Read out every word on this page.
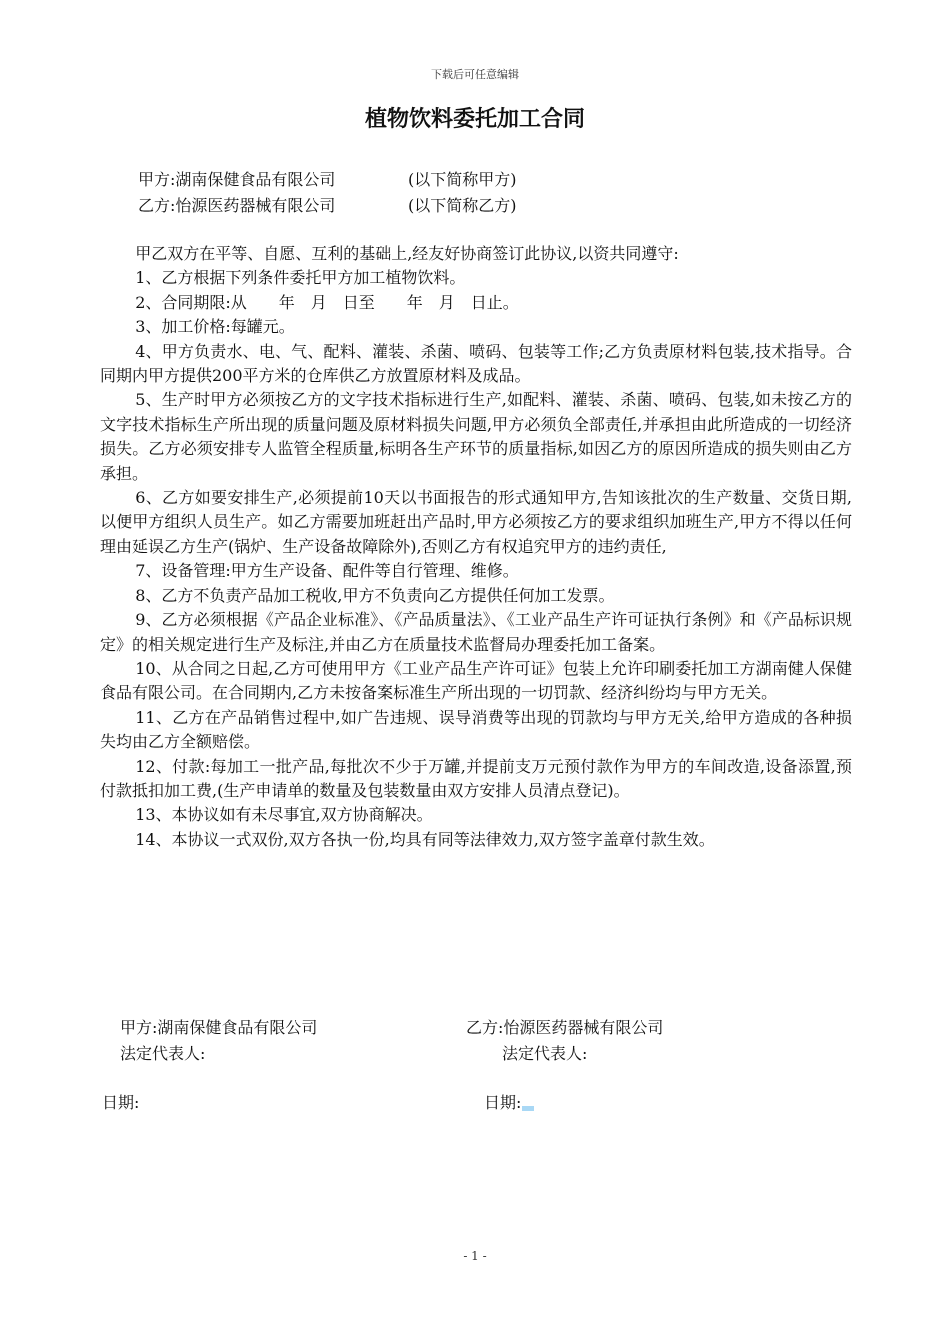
下载后可任意编辑
植物饮料委托加工合同
甲方:湖南保健食品有限公司	(以下简称甲方)
乙方:怡源医药器械有限公司	(以下简称乙方)

甲乙双方在平等、自愿、互利的基础上,经友好协商签订此协议,以资共同遵守:

1、乙方根据下列条件委托甲方加工植物饮料。

2、合同期限:从　　年　月　日至　　年　月　日止。

3、加工价格:每罐元。

4、甲方负责水、电、气、配料、灌装、杀菌、喷码、包装等工作;乙方负责原材料包装,技术指导。合同期内甲方提供200平方米的仓库供乙方放置原材料及成品。

5、生产时甲方必须按乙方的文字技术指标进行生产,如配料、灌装、杀菌、喷码、包装,如未按乙方的文字技术指标生产所出现的质量问题及原材料损失问题,甲方必须负全部责任,并承担由此所造成的一切经济损失。乙方必须安排专人监管全程质量,标明各生产环节的质量指标,如因乙方的原因所造成的损失则由乙方承担。

6、乙方如要安排生产,必须提前10天以书面报告的形式通知甲方,告知该批次的生产数量、交货日期,以便甲方组织人员生产。如乙方需要加班赶出产品时,甲方必须按乙方的要求组织加班生产,甲方不得以任何理由延误乙方生产(锅炉、生产设备故障除外),否则乙方有权追究甲方的违约责任,

7、设备管理:甲方生产设备、配件等自行管理、维修。

8、乙方不负责产品加工税收,甲方不负责向乙方提供任何加工发票。

9、乙方必须根据《产品企业标准》、《产品质量法》、《工业产品生产许可证执行条例》和《产品标识规定》的相关规定进行生产及标注,并由乙方在质量技术监督局办理委托加工备案。

10、从合同之日起,乙方可使用甲方《工业产品生产许可证》包装上允许印刷委托加工方湖南健人保健食品有限公司。在合同期内,乙方未按备案标准生产所出现的一切罚款、经济纠纷均与甲方无关。

11、乙方在产品销售过程中,如广告违规、误导消费等出现的罚款均与甲方无关,给甲方造成的各种损失均由乙方全额赔偿。

12、付款:每加工一批产品,每批次不少于万罐,并提前支万元预付款作为甲方的车间改造,设备添置,预付款抵扣加工费,(生产申请单的数量及包装数量由双方安排人员清点登记)。

13、本协议如有未尽事宜,双方协商解决。

14、本协议一式双份,双方各执一份,均具有同等法律效力,双方签字盖章付款生效。

甲方:湖南保健食品有限公司	乙方:怡源医药器械有限公司
法定代表人:	法定代表人:
日期:	日期:
- 1 -
